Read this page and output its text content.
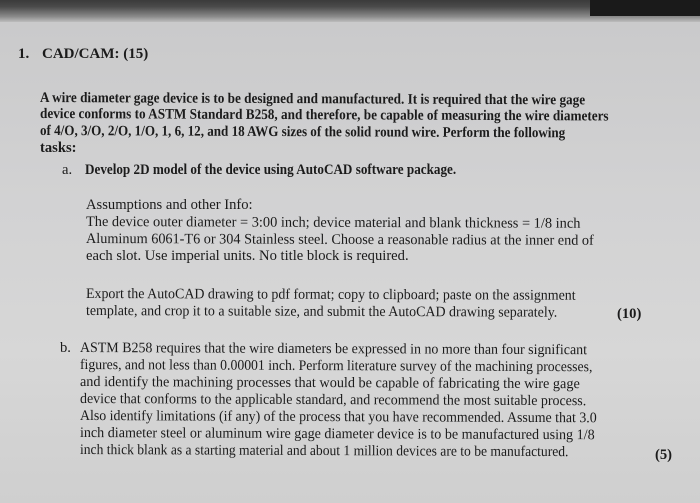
1. CAD/CAM: (15)
A wire diameter gage device is to be designed and manufactured. It is required that the wire gage
device conforms to ASTM Standard B258, and therefore, be capable of measuring the wire diameters
of 4/O, 3/O, 2/O, 1/O, 1, 6, 12, and 18 AWG sizes of the solid round wire. Perform the following
tasks:
a. Develop 2D model of the device using AutoCAD software package.
Assumptions and other Info:
The device outer diameter = 3:00 inch; device material and blank thickness = 1/8 inch
Aluminum 6061-T6 or 304 Stainless steel. Choose a reasonable radius at the inner end of
each slot. Use imperial units. No title block is required.
Export the AutoCAD drawing to pdf format; copy to clipboard; paste on the assignment
template, and crop it to a suitable size, and submit the AutoCAD drawing separately.	(10)
b. ASTM B258 requires that the wire diameters be expressed in no more than four significant
figures, and not less than 0.00001 inch. Perform literature survey of the machining processes,
and identify the machining processes that would be capable of fabricating the wire gage
device that conforms to the applicable standard, and recommend the most suitable process.
Also identify limitations (if any) of the process that you have recommended. Assume that 3.0
inch diameter steel or aluminum wire gage diameter device is to be manufactured using 1/8
inch thick blank as a starting material and about 1 million devices are to be manufactured.	(5)
